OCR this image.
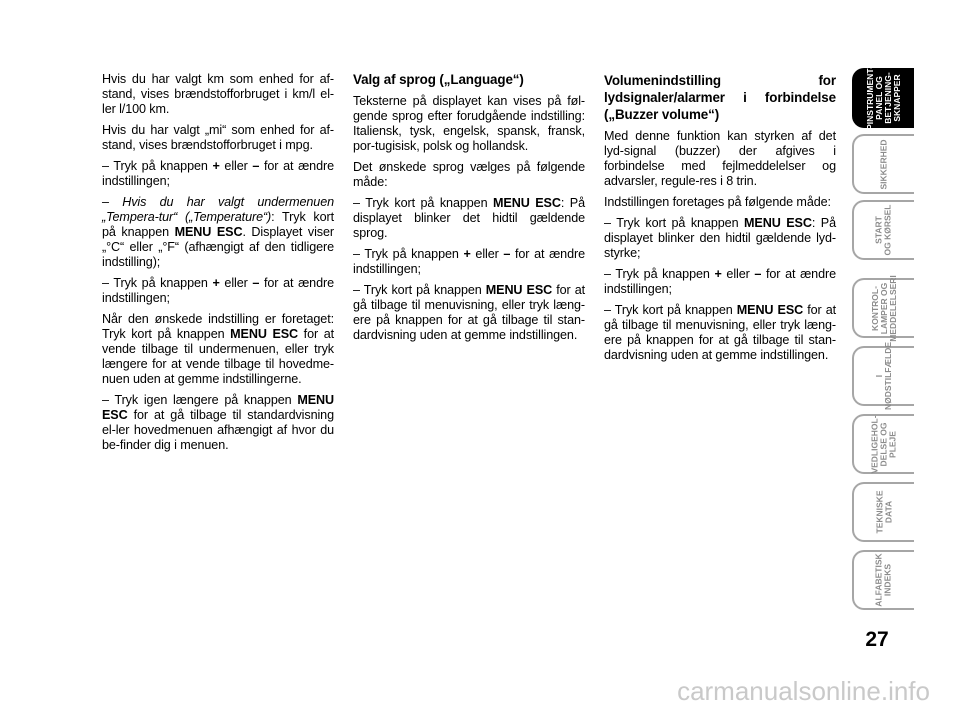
Hvis du har valgt km som enhed for af-stand, vises brændstofforbruget i km/l el-ler l/100 km.

Hvis du har valgt „mi“ som enhed for af-stand, vises brændstofforbruget i mpg.

– Tryk på knappen + eller – for at ændre indstillingen;

– Hvis du har valgt undermenuen „Tempera-tur“ („Temperature“): Tryk kort på knappen MENU ESC. Displayet viser „°C“ eller „°F“ (afhængigt af den tidligere indstilling);

– Tryk på knappen + eller – for at ændre indstillingen;

Når den ønskede indstilling er foretaget: Tryk kort på knappen MENU ESC for at vende tilbage til undermenuen, eller tryk længere for at vende tilbage til hovedme-nuen uden at gemme indstillingerne.

– Tryk igen længere på knappen MENU ESC for at gå tilbage til standardvisning el-ler hovedmenuen afhængigt af hvor du be-finder dig i menuen.

Valg af sprog („Language“)

Teksterne på displayet kan vises på føl-gende sprog efter forudgående indstilling: Italiensk, tysk, engelsk, spansk, fransk, por-tugisisk, polsk og hollandsk.

Det ønskede sprog vælges på følgende måde:

– Tryk kort på knappen MENU ESC: På displayet blinker det hidtil gældende sprog.

– Tryk på knappen + eller – for at ændre indstillingen;

– Tryk kort på knappen MENU ESC for at gå tilbage til menuvisning, eller tryk læng-ere på knappen for at gå tilbage til stan-dardvisning uden at gemme indstillingen.

Volumenindstilling for lydsignaler/alarmer i forbindelse („Buzzer volume“)

Med denne funktion kan styrken af det lyd-signal (buzzer) der afgives i forbindelse med fejlmeddelelser og advarsler, regule-res i 8 trin.

Indstillingen foretages på følgende måde:

– Tryk kort på knappen MENU ESC: På displayet blinker den hidtil gældende lyd-styrke;

– Tryk på knappen + eller – for at ændre indstillingen;

– Tryk kort på knappen MENU ESC for at gå tilbage til menuvisning, eller tryk læng-ere på knappen for at gå tilbage til stan-dardvisning uden at gemme indstillingen.

PINSTRUMENT-
PANEL OG
BETJENING-
SKNAPPER
SIKKERHED
START
OG KØRSEL
KONTROL-
LAMPER OG
MEDDELELSERI
I
NØDSTILFÆLDE
VEDLIGEHOL-
DELSE OG
PLEJE
TEKNISKE
DATA
ALFABETISK
INDEKS
27
carmanualsonline.info
